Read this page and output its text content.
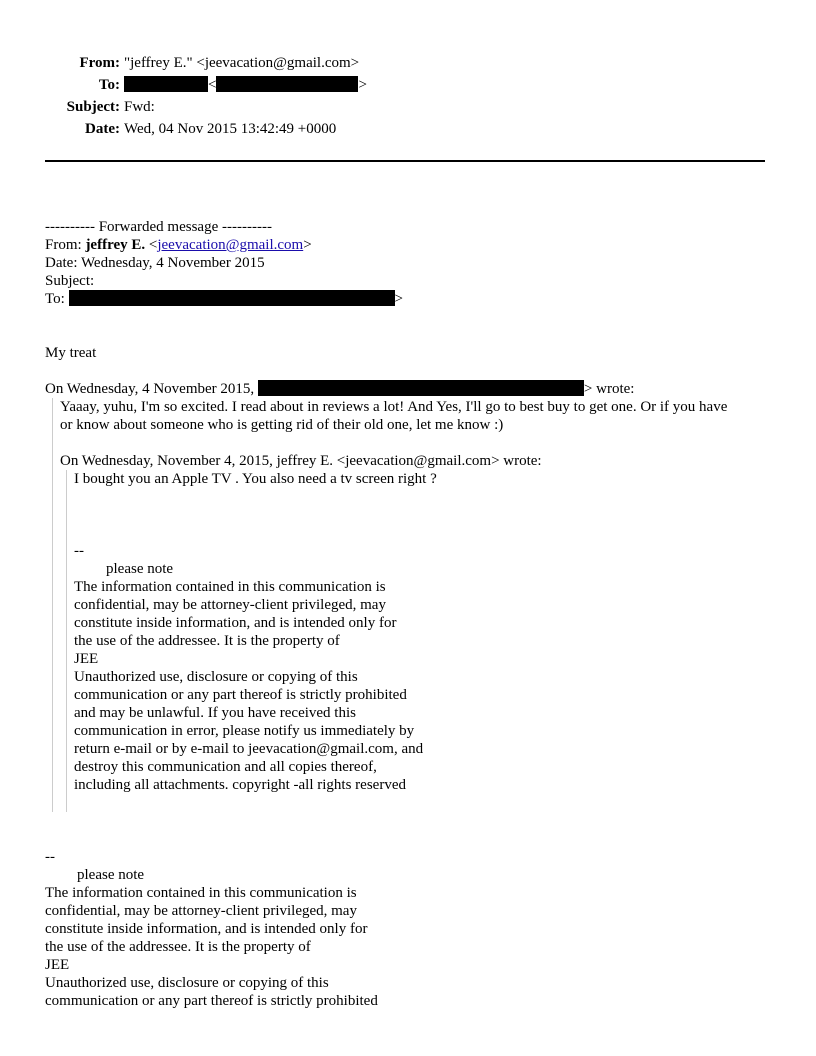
From: "jeffrey E." <jeevacation@gmail.com>
To:	<	>
Subject: Fwd:
Date: Wed, 04 Nov 2015 13:42:49 +0000
---------- Forwarded message ----------
From: jeffrey E. <jeevacation@gmail.com>
Date: Wednesday, 4 November 2015
Subject:
To:	>
My treat
On Wednesday, 4 November 2015,	> wrote:
Yaaay, yuhu, I'm so excited. I read about in reviews a lot! And Yes, I'll go to best buy to get one. Or if you have
or know about someone who is getting rid of their old one, let me know :)
On Wednesday, November 4, 2015, jeffrey E. <jeevacation@gmail.com> wrote:
I bought you an Apple TV . You also need a tv screen right ?
--
please note
The information contained in this communication is
confidential, may be attorney-client privileged, may
constitute inside information, and is intended only for
the use of the addressee. It is the property of
JEE
Unauthorized use, disclosure or copying of this
communication or any part thereof is strictly prohibited
and may be unlawful. If you have received this
communication in error, please notify us immediately by
return e-mail or by e-mail to jeevacation@gmail.com, and
destroy this communication and all copies thereof,
including all attachments. copyright -all rights reserved
--
please note
The information contained in this communication is
confidential, may be attorney-client privileged, may
constitute inside information, and is intended only for
the use of the addressee. It is the property of
JEE
Unauthorized use, disclosure or copying of this
communication or any part thereof is strictly prohibited
